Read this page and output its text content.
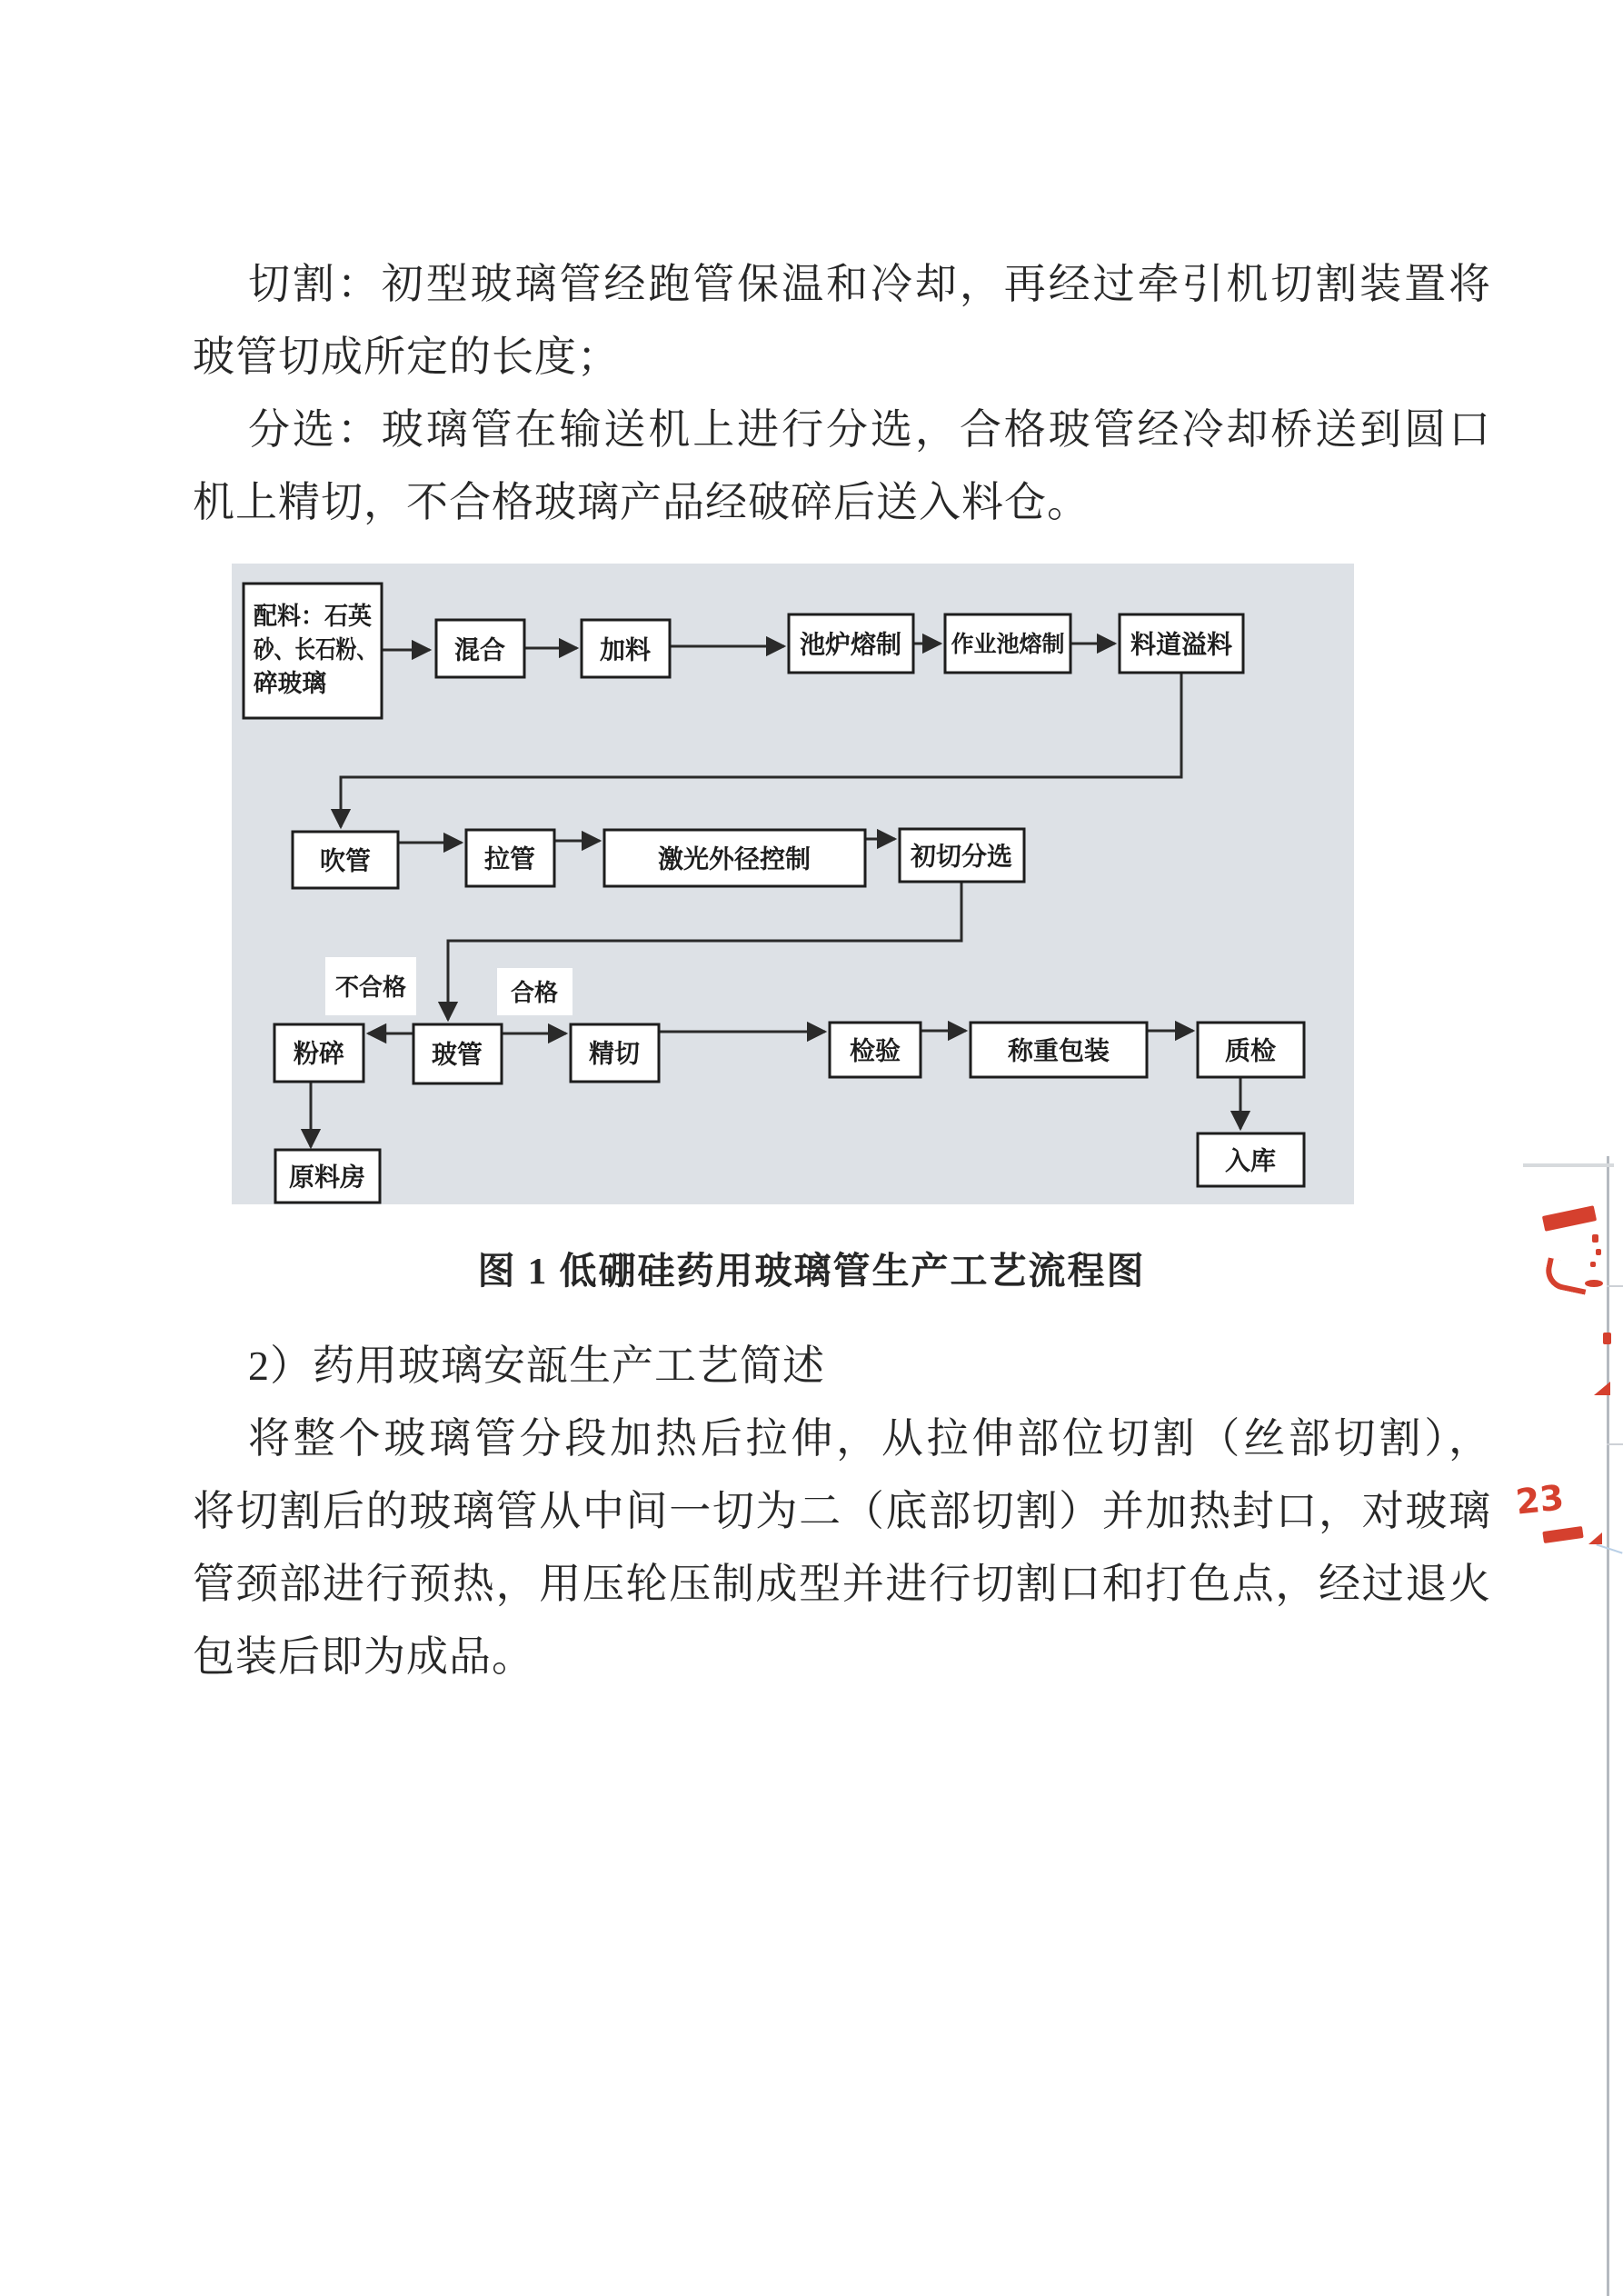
切割：初型玻璃管经跑管保温和冷却，再经过牵引机切割装置将
玻管切成所定的长度；
分选：玻璃管在输送机上进行分选，合格玻管经冷却桥送到圆口
机上精切，不合格玻璃产品经破碎后送入料仓。
配料：石英
砂、长石粉、
碎玻璃
混合	加料	池炉熔制 作业池熔制	料道溢料
吹管	拉管	激光外径控制	初切分选
不合格	合格
粉碎	玻管	精切	检验	称重包装	质检
原料房
入库
图 1 低硼硅药用玻璃管生产工艺流程图
2）药用玻璃安瓿生产工艺简述
将整个玻璃管分段加热后拉伸，从拉伸部位切割（丝部切割），
将切割后的玻璃管从中间一切为二（底部切割）并加热封口，对玻璃
管颈部进行预热，用压轮压制成型并进行切割口和打色点，经过退火
包装后即为成品。
23
